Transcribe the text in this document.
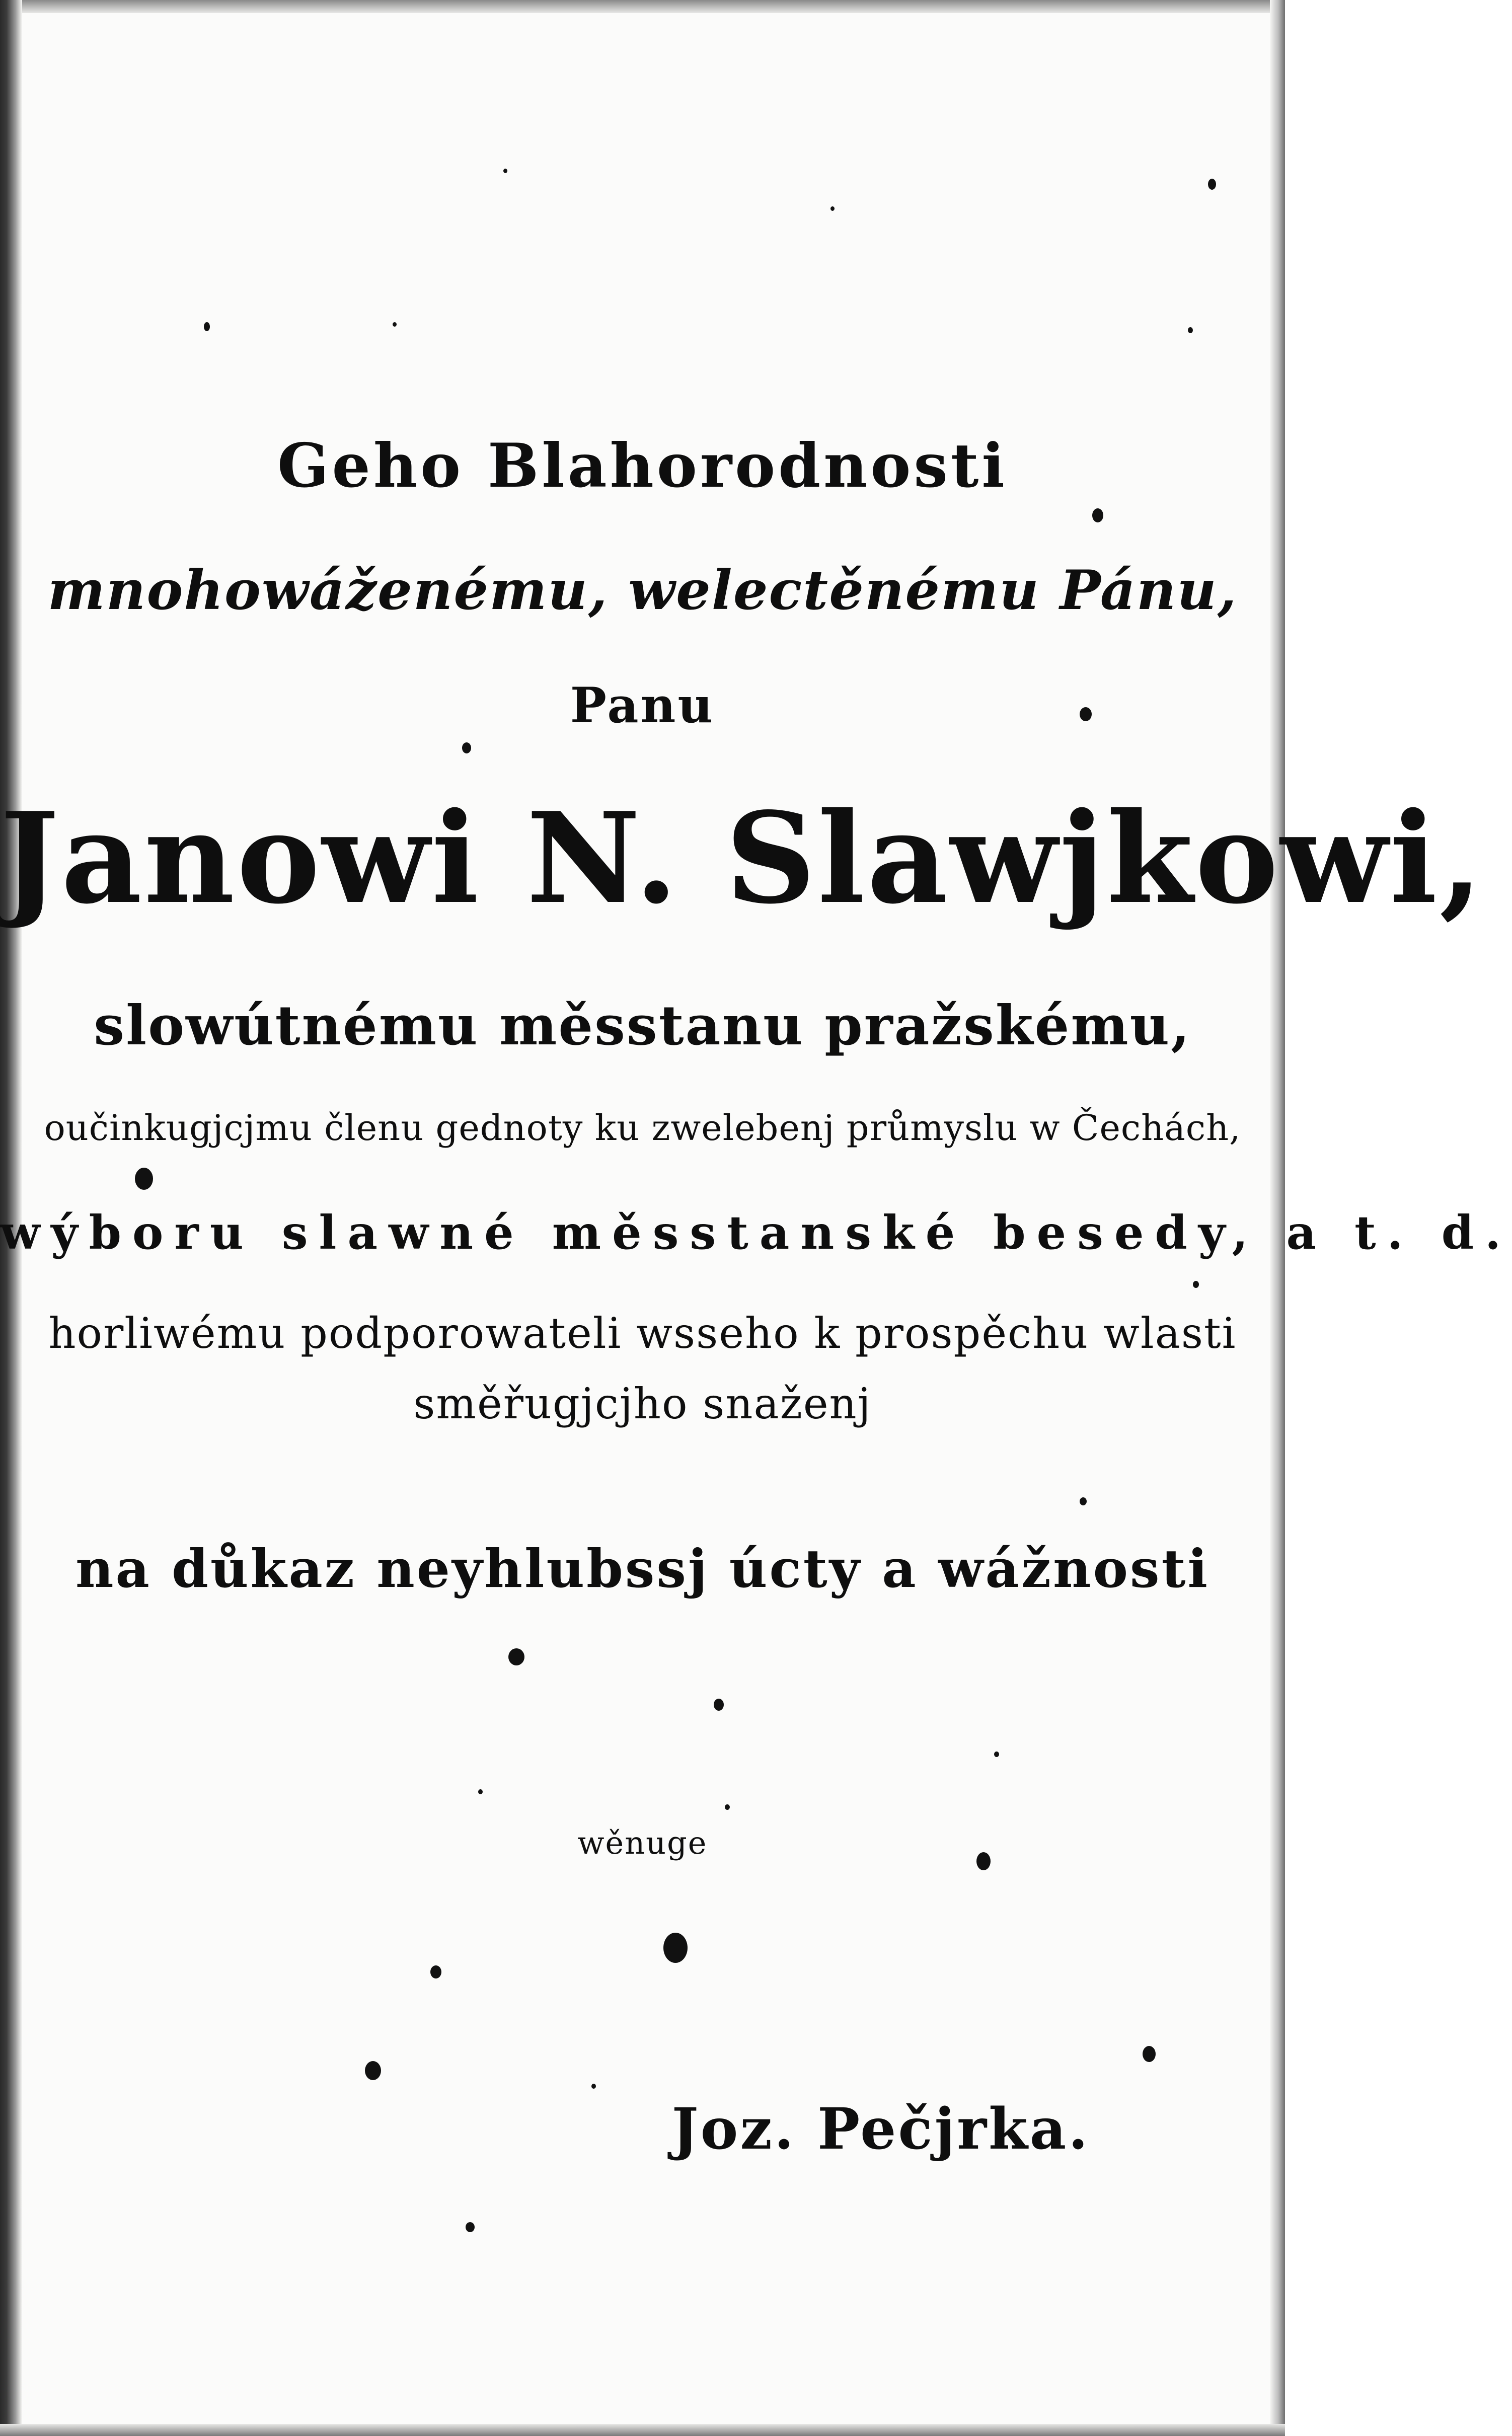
Geho Blahorodnosti

mnohowáženému, welectěnému Pánu,

Panu

Janowi N. Slawjkowi,

slowútnému měsstanu pražskému,

oučinkugjcjmu členu gednoty ku zwelebenj průmyslu w Čechách,

wýboru slawné měsstanské besedy, a t. d.

horliwému podporowateli wsseho k prospěchu wlasti

směřugjcjho snaženj

na důkaz neyhlubssj úcty a wážnosti

wěnuge

Joz. Pečjrka.
